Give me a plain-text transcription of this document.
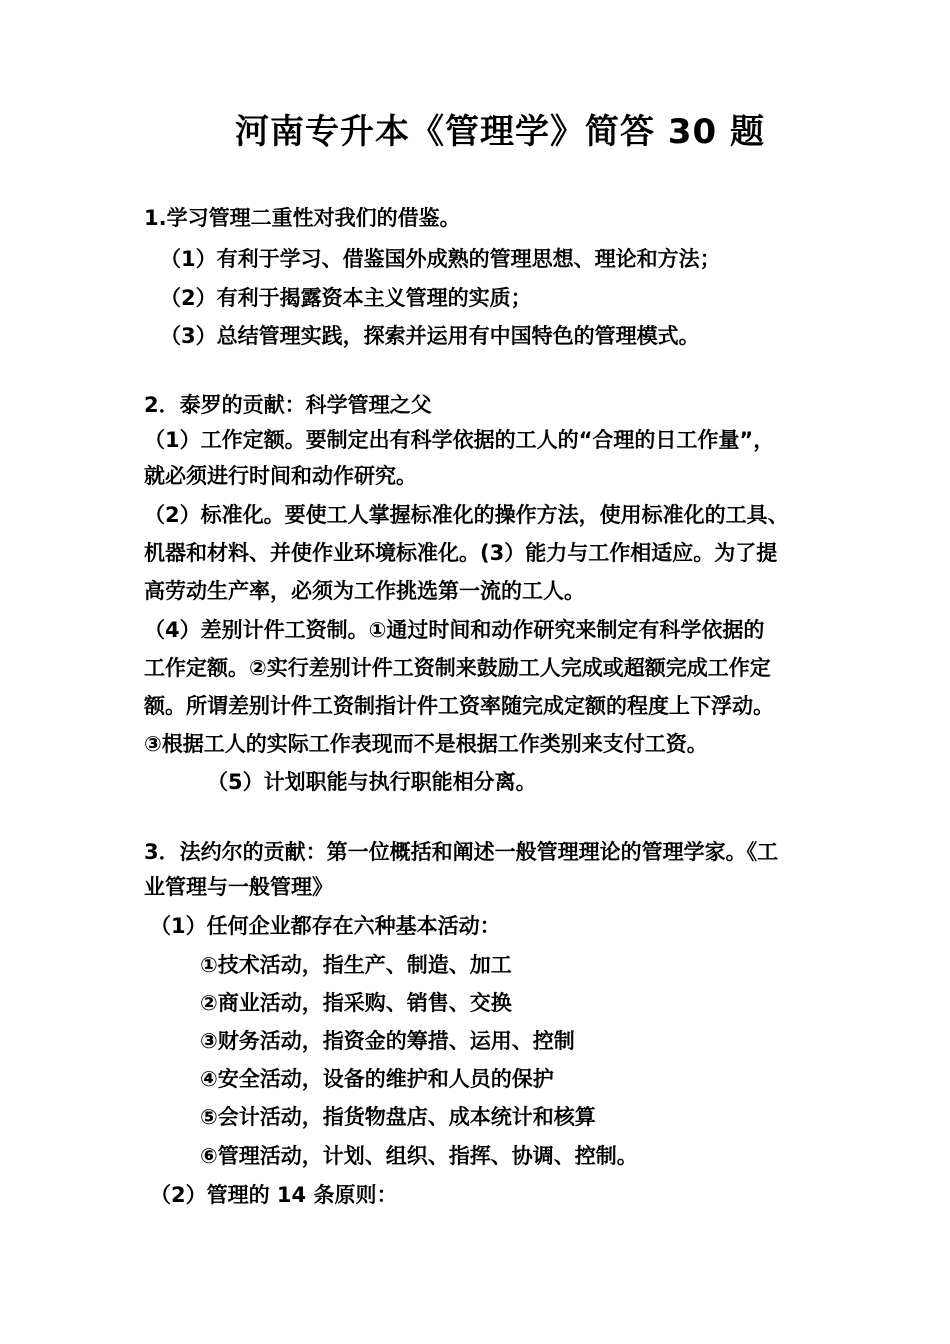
河南专升本《管理学》简答 30 题
1.学习管理二重性对我们的借鉴。
（1）有利于学习、借鉴国外成熟的管理思想、理论和方法；
（2）有利于揭露资本主义管理的实质；
（3）总结管理实践，探索并运用有中国特色的管理模式。
2．泰罗的贡献：科学管理之父
（1）工作定额。要制定出有科学依据的工人的“合理的日工作量”，
就必须进行时间和动作研究。
（2）标准化。要使工人掌握标准化的操作方法，使用标准化的工具、
机器和材料、并使作业环境标准化。(3）能力与工作相适应。为了提
高劳动生产率，必须为工作挑选第一流的工人。
（4）差别计件工资制。①通过时间和动作研究来制定有科学依据的
工作定额。②实行差别计件工资制来鼓励工人完成或超额完成工作定
额。所谓差别计件工资制指计件工资率随完成定额的程度上下浮动。
③根据工人的实际工作表现而不是根据工作类别来支付工资。
（5）计划职能与执行职能相分离。
3．法约尔的贡献：第一位概括和阐述一般管理理论的管理学家。《工
业管理与一般管理》
（1）任何企业都存在六种基本活动：
①技术活动，指生产、制造、加工
②商业活动，指采购、销售、交换
③财务活动，指资金的筹措、运用、控制
④安全活动，设备的维护和人员的保护
⑤会计活动，指货物盘店、成本统计和核算
⑥管理活动，计划、组织、指挥、协调、控制。
（2）管理的 14 条原则：
